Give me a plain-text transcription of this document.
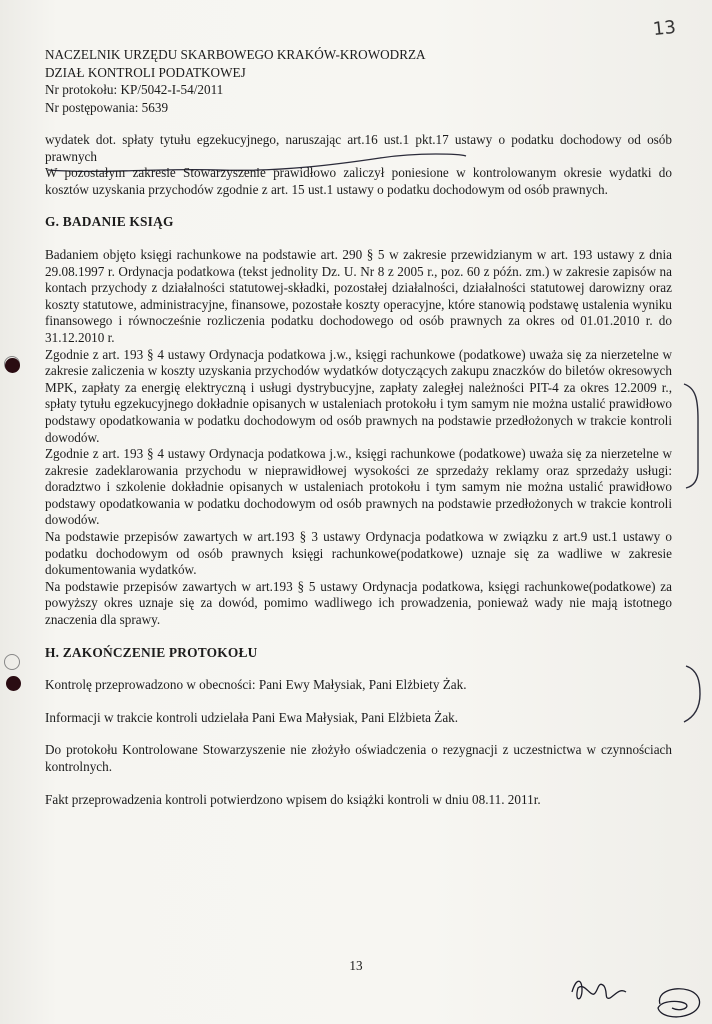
13
NACZELNIK URZĘDU SKARBOWEGO KRAKÓW-KROWODRZA
DZIAŁ KONTROLI PODATKOWEJ
Nr protokołu: KP/5042-I-54/2011
Nr postępowania: 5639

wydatek dot. spłaty tytułu egzekucyjnego, naruszając art.16 ust.1 pkt.17 ustawy o podatku dochodowy od osób prawnych

W pozostałym zakresie Stowarzyszenie prawidłowo zaliczył poniesione w kontrolowanym okresie wydatki do kosztów uzyskania przychodów zgodnie z art. 15 ust.1 ustawy o podatku dochodowym od osób prawnych.

G. BADANIE KSIĄG

Badaniem objęto księgi rachunkowe na podstawie art. 290 § 5 w zakresie przewidzianym w art. 193 ustawy z dnia 29.08.1997 r. Ordynacja podatkowa (tekst jednolity Dz. U. Nr 8 z 2005 r., poz. 60 z późn. zm.) w zakresie zapisów na kontach przychody z działalności statutowej-składki, pozostałej działalności, działalności statutowej darowizny oraz koszty statutowe, administracyjne, finansowe, pozostałe koszty operacyjne, które stanowią podstawę ustalenia wyniku finansowego i równocześnie rozliczenia podatku dochodowego od osób prawnych za okres od 01.01.2010 r. do 31.12.2010 r.

Zgodnie z art. 193 § 4 ustawy Ordynacja podatkowa j.w., księgi rachunkowe (podatkowe) uważa się za nierzetelne w zakresie zaliczenia w koszty uzyskania przychodów wydatków dotyczących zakupu znaczków do biletów okresowych MPK, zapłaty za energię elektryczną i usługi dystrybucyjne, zapłaty zaległej należności PIT-4 za okres 12.2009 r., spłaty tytułu egzekucyjnego dokładnie opisanych w ustaleniach protokołu i tym samym nie można ustalić prawidłowo podstawy opodatkowania w podatku dochodowym od osób prawnych na podstawie przedłożonych w trakcie kontroli dowodów.

Zgodnie z art. 193 § 4 ustawy Ordynacja podatkowa j.w., księgi rachunkowe (podatkowe) uważa się za nierzetelne w zakresie zadeklarowania przychodu w nieprawidłowej wysokości ze sprzedaży reklamy oraz sprzedaży usługi: doradztwo i szkolenie dokładnie opisanych w ustaleniach protokołu i tym samym nie można ustalić prawidłowo podstawy opodatkowania w podatku dochodowym od osób prawnych na podstawie przedłożonych w trakcie kontroli dowodów.

Na podstawie przepisów zawartych w art.193 § 3 ustawy Ordynacja podatkowa w związku z art.9 ust.1 ustawy o podatku dochodowym od osób prawnych księgi rachunkowe(podatkowe) uznaje się za wadliwe w zakresie dokumentowania wydatków.

Na podstawie przepisów zawartych w art.193 § 5 ustawy Ordynacja podatkowa, księgi rachunkowe(podatkowe) za powyższy okres uznaje się za dowód, pomimo wadliwego ich prowadzenia, ponieważ wady nie mają istotnego znaczenia dla sprawy.

H. ZAKOŃCZENIE PROTOKOŁU

Kontrolę przeprowadzono w obecności: Pani Ewy Małysiak, Pani Elżbiety Żak.

Informacji w trakcie kontroli udzielała Pani Ewa Małysiak, Pani Elżbieta Żak.

Do protokołu Kontrolowane Stowarzyszenie nie złożyło oświadczenia o rezygnacji z uczestnictwa w czynnościach kontrolnych.

Fakt przeprowadzenia kontroli potwierdzono wpisem do książki kontroli w dniu 08.11. 2011r.

13
